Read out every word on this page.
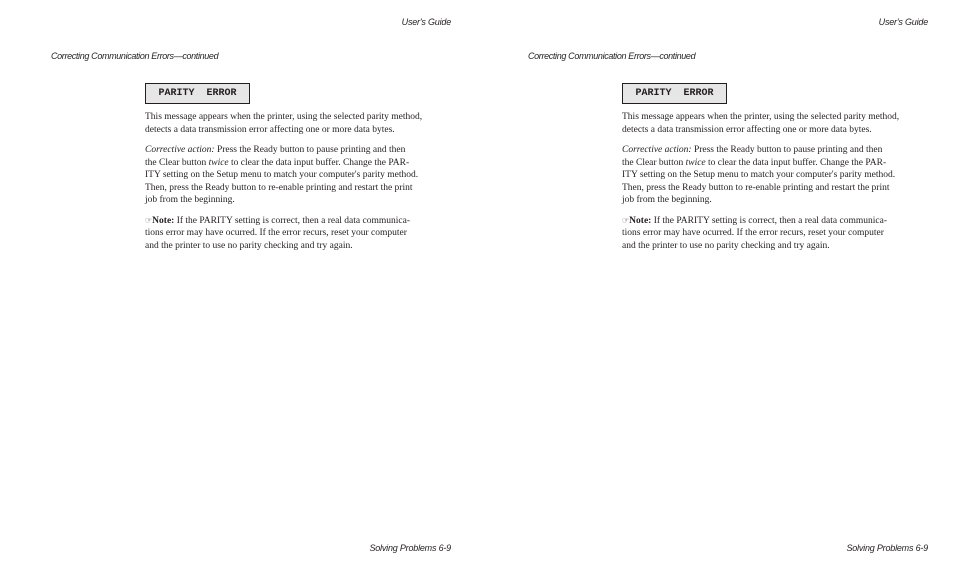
User's Guide
Correcting Communication Errors—continued
PARITY  ERROR

This message appears when the printer, using the selected parity method,
detects a data transmission error affecting one or more data bytes.

Corrective action: Press the Ready button to pause printing and then
the Clear button twice to clear the data input buffer. Change the PAR-
ITY setting on the Setup menu to match your computer's parity method.
Then, press the Ready button to re-enable printing and restart the print
job from the beginning.

☞Note: If the PARITY setting is correct, then a real data communica-
tions error may have ocurred. If the error recurs, reset your computer
and the printer to use no parity checking and try again.

Solving Problems 6-9
User's Guide
Correcting Communication Errors—continued
PARITY  ERROR

This message appears when the printer, using the selected parity method,
detects a data transmission error affecting one or more data bytes.

Corrective action: Press the Ready button to pause printing and then
the Clear button twice to clear the data input buffer. Change the PAR-
ITY setting on the Setup menu to match your computer's parity method.
Then, press the Ready button to re-enable printing and restart the print
job from the beginning.

☞Note: If the PARITY setting is correct, then a real data communica-
tions error may have ocurred. If the error recurs, reset your computer
and the printer to use no parity checking and try again.

Solving Problems 6-9
